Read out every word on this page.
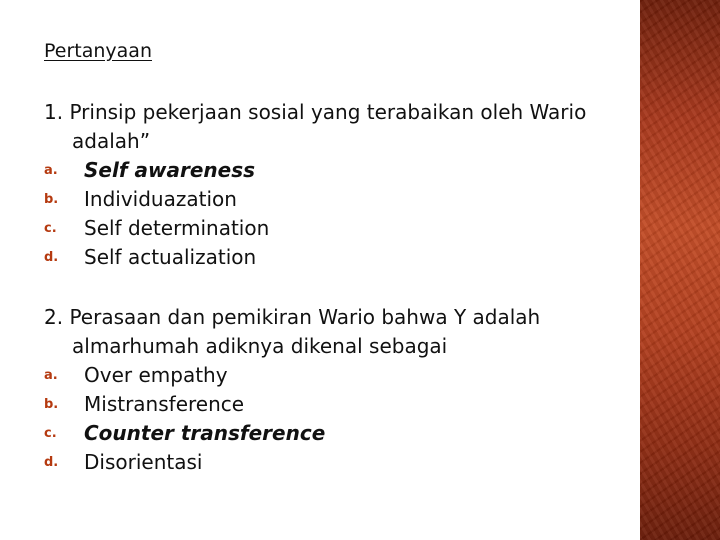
Pertanyaan
1. Prinsip pekerjaan sosial yang terabaikan oleh Wario adalah”
a. Self awareness
b. Individuazation
c. Self determination
d. Self actualization
2. Perasaan dan pemikiran Wario bahwa Y adalah almarhumah adiknya dikenal sebagai
a. Over empathy
b. Mistransference
c. Counter transference
d. Disorientasi
